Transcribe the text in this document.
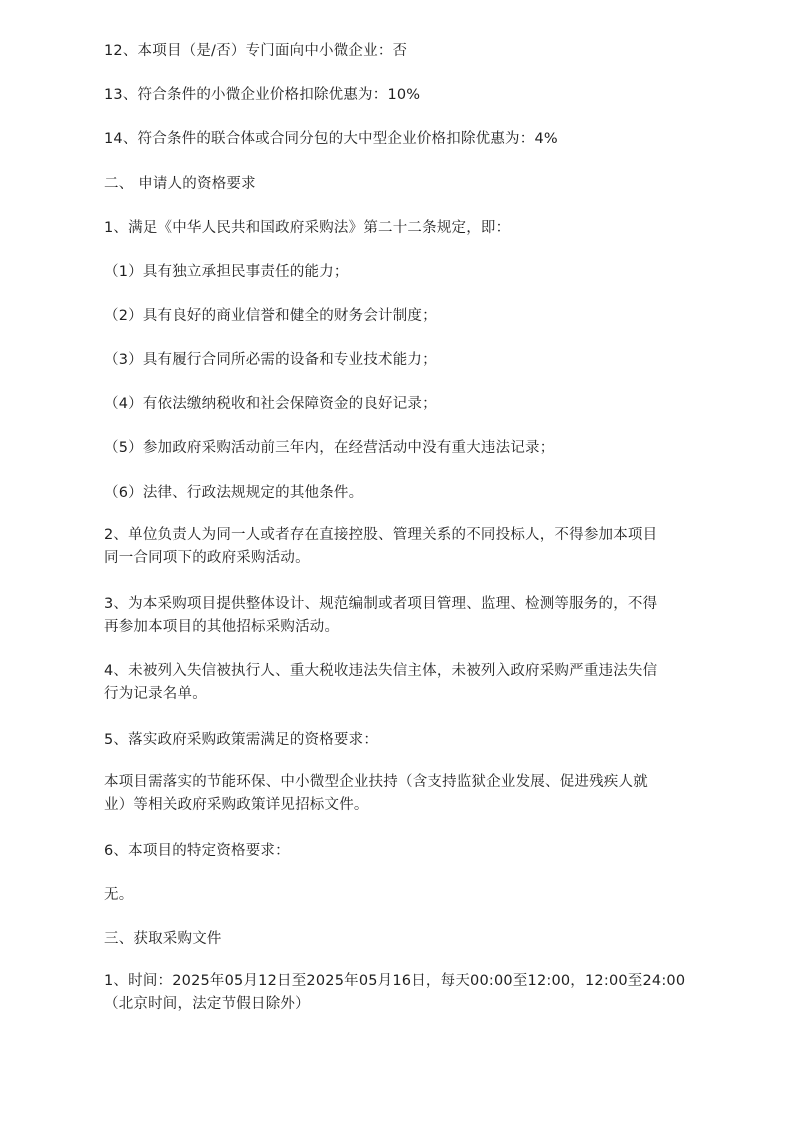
12、本项目（是/否）专门面向中小微企业：否

13、符合条件的小微企业价格扣除优惠为：10%

14、符合条件的联合体或合同分包的大中型企业价格扣除优惠为：4%

二、 申请人的资格要求

1、满足《中华人民共和国政府采购法》第二十二条规定，即：

（1）具有独立承担民事责任的能力；

（2）具有良好的商业信誉和健全的财务会计制度；

（3）具有履行合同所必需的设备和专业技术能力；

（4）有依法缴纳税收和社会保障资金的良好记录；

（5）参加政府采购活动前三年内，在经营活动中没有重大违法记录；

（6）法律、行政法规规定的其他条件。

2、单位负责人为同一人或者存在直接控股、管理关系的不同投标人，不得参加本项目
同一合同项下的政府采购活动。
3、为本采购项目提供整体设计、规范编制或者项目管理、监理、检测等服务的，不得
再参加本项目的其他招标采购活动。
4、未被列入失信被执行人、重大税收违法失信主体，未被列入政府采购严重违法失信
行为记录名单。

5、落实政府采购政策需满足的资格要求：

本项目需落实的节能环保、中小微型企业扶持（含支持监狱企业发展、促进残疾人就
业）等相关政府采购政策详见招标文件。

6、本项目的特定资格要求：

无。

三、获取采购文件

1、时间：2025年05月12日至2025年05月16日，每天00:00至12:00，12:00至24:00
（北京时间，法定节假日除外）
